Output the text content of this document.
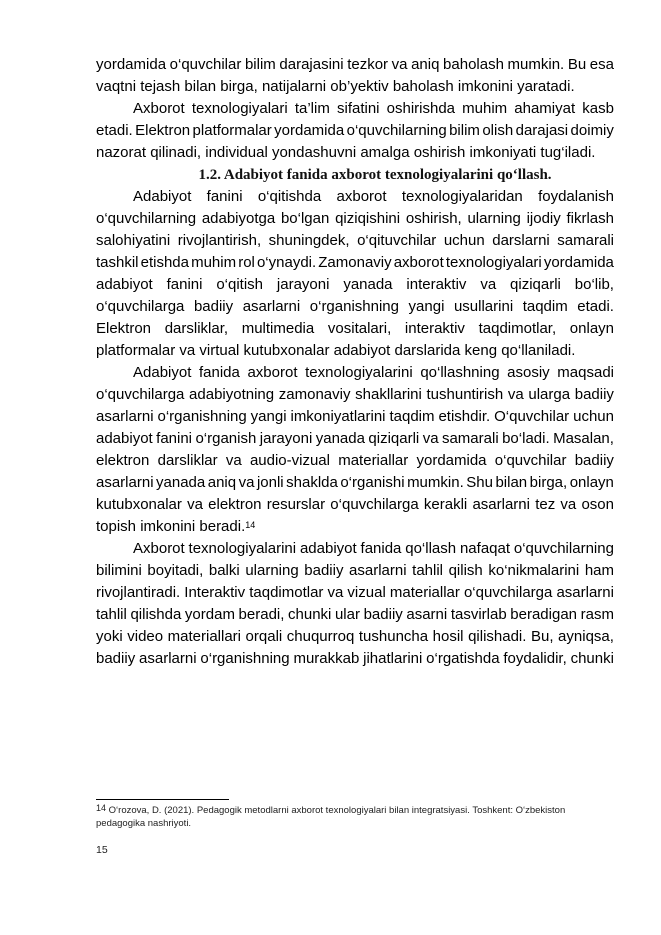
yordamida o‘quvchilar bilim darajasini tezkor va aniq baholash mumkin. Bu esa
vaqtni tejash bilan birga, natijalarni ob’yektiv baholash imkonini yaratadi.
Axborot texnologiyalari ta’lim sifatini oshirishda muhim ahamiyat kasb
etadi. Elektron platformalar yordamida o‘quvchilarning bilim olish darajasi doimiy
nazorat qilinadi, individual yondashuvni amalga oshirish imkoniyati tug‘iladi.
1.2. Adabiyot fanida axborot texnologiyalarini qo‘llash.
Adabiyot fanini o‘qitishda axborot texnologiyalaridan foydalanish
o‘quvchilarning adabiyotga bo‘lgan qiziqishini oshirish, ularning ijodiy fikrlash
salohiyatini rivojlantirish, shuningdek, o‘qituvchilar uchun darslarni samarali
tashkil etishda muhim rol o‘ynaydi. Zamonaviy axborot texnologiyalari yordamida
adabiyot fanini o‘qitish jarayoni yanada interaktiv va qiziqarli bo‘lib,
o‘quvchilarga badiiy asarlarni o‘rganishning yangi usullarini taqdim etadi.
Elektron darsliklar, multimedia vositalari, interaktiv taqdimotlar, onlayn
platformalar va virtual kutubxonalar adabiyot darslarida keng qo‘llaniladi.
Adabiyot fanida axborot texnologiyalarini qo‘llashning asosiy maqsadi
o‘quvchilarga adabiyotning zamonaviy shakllarini tushuntirish va ularga badiiy
asarlarni o‘rganishning yangi imkoniyatlarini taqdim etishdir. O‘quvchilar uchun
adabiyot fanini o‘rganish jarayoni yanada qiziqarli va samarali bo‘ladi. Masalan,
elektron darsliklar va audio-vizual materiallar yordamida o‘quvchilar badiiy
asarlarni yanada aniq va jonli shaklda o‘rganishi mumkin. Shu bilan birga, onlayn
kutubxonalar va elektron resurslar o‘quvchilarga kerakli asarlarni tez va oson
topish imkonini beradi.$^{14}$
Axborot texnologiyalarini adabiyot fanida qo‘llash nafaqat o‘quvchilarning
bilimini boyitadi, balki ularning badiiy asarlarni tahlil qilish ko‘nikmalarini ham
rivojlantiradi. Interaktiv taqdimotlar va vizual materiallar o‘quvchilarga asarlarni
tahlil qilishda yordam beradi, chunki ular badiiy asarni tasvirlab beradigan rasm
yoki video materiallari orqali chuqurroq tushuncha hosil qilishadi. Bu, ayniqsa,
badiiy asarlarni o‘rganishning murakkab jihatlarini o‘rgatishda foydalidir, chunki
$^{14}$ O‘rozova, D. (2021). Pedagogik metodlarni axborot texnologiyalari bilan integratsiyasi. Toshkent: O‘zbekiston
pedagogika nashriyoti.
15
